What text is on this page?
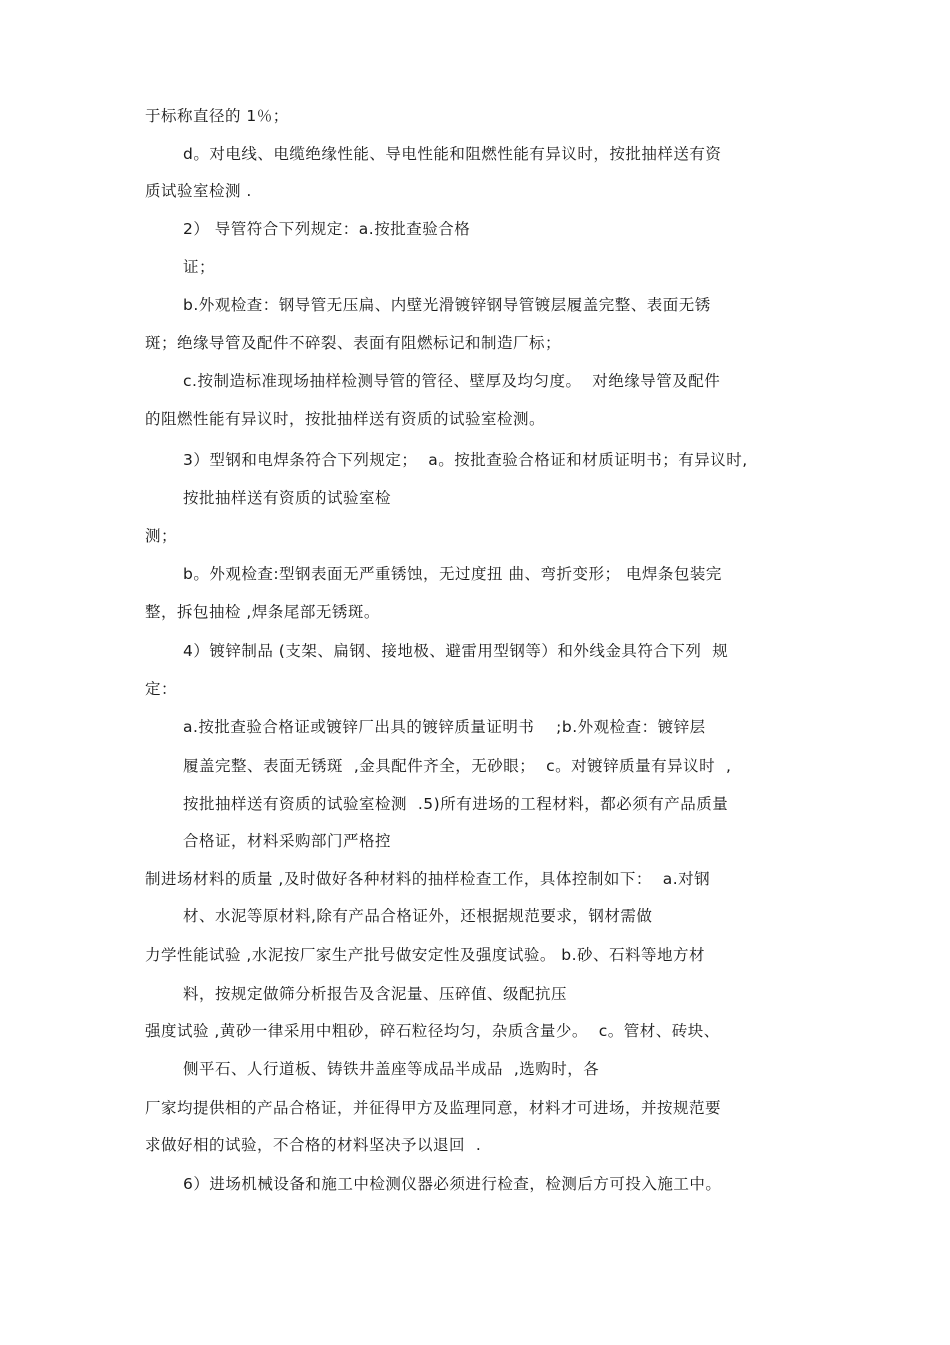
于标称直径的 1％；
d。对电线、电缆绝缘性能、导电性能和阻燃性能有异议时，按批抽样送有资
质试验室检测 .
2） 导管符合下列规定：a.按批查验合格
证；
b.外观检查：钢导管无压扁、内壁光滑镀锌钢导管镀层履盖完整、表面无锈
斑；绝缘导管及配件不碎裂、表面有阻燃标记和制造厂标；
c.按制造标准现场抽样检测导管的管径、壁厚及均匀度。  对绝缘导管及配件
的阻燃性能有异议时，按批抽样送有资质的试验室检测。
3）型钢和电焊条符合下列规定；  a。按批查验合格证和材质证明书；有异议时,
按批抽样送有资质的试验室检
测；
b。外观检查:型钢表面无严重锈蚀，无过度扭 曲、弯折变形； 电焊条包装完
整，拆包抽检 ,焊条尾部无锈斑。
4）镀锌制品 (支架、扁钢、接地极、避雷用型钢等）和外线金具符合下列  规
定：
a.按批查验合格证或镀锌厂出具的镀锌质量证明书    ;b.外观检查：镀锌层
履盖完整、表面无锈斑  ,金具配件齐全，无砂眼；  c。对镀锌质量有异议时  ,
按批抽样送有资质的试验室检测  .5)所有进场的工程材料，都必须有产品质量
合格证，材料采购部门严格控
制进场材料的质量 ,及时做好各种材料的抽样检查工作，具体控制如下：  a.对钢
材、水泥等原材料,除有产品合格证外，还根据规范要求，钢材需做
力学性能试验 ,水泥按厂家生产批号做安定性及强度试验。 b.砂、石料等地方材
料，按规定做筛分析报告及含泥量、压碎值、级配抗压
强度试验 ,黄砂一律采用中粗砂，碎石粒径均匀，杂质含量少。  c。管材、砖块、
侧平石、人行道板、铸铁井盖座等成品半成品  ,选购时，各
厂家均提供相的产品合格证，并征得甲方及监理同意，材料才可进场，并按规范要
求做好相的试验，不合格的材料坚决予以退回  .
6）进场机械设备和施工中检测仪器必须进行检查，检测后方可投入施工中。
